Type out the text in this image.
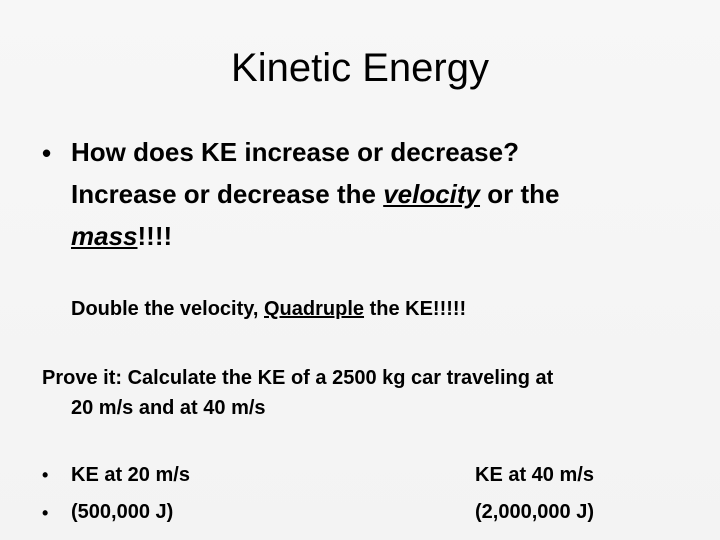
Kinetic Energy
• How does KE increase or decrease?
Increase or decrease the velocity or the
mass!!!!
Double the velocity, Quadruple the KE!!!!!
Prove it: Calculate the KE of a 2500 kg car traveling at
20 m/s and at 40 m/s
• KE at 20 m/s
• (500,000 J)
KE at 40 m/s
(2,000,000 J)
